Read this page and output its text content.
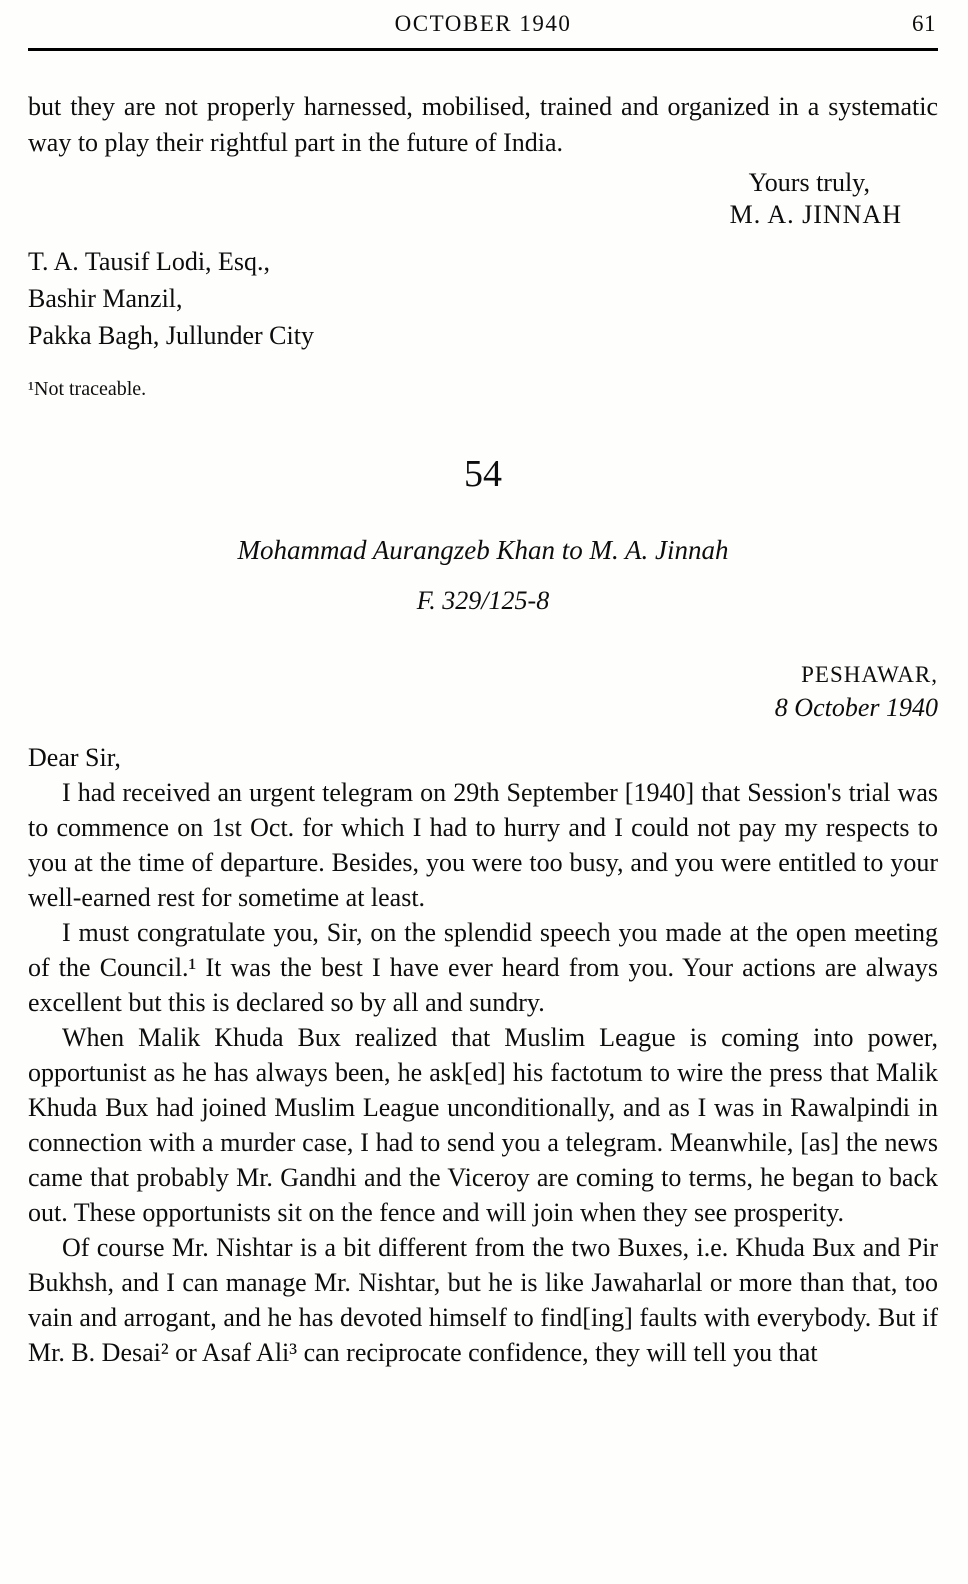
OCTOBER 1940	61

but they are not properly harnessed, mobilised, trained and organized in a systematic way to play their rightful part in the future of India.

Yours truly,

M. A. JINNAH

T. A. Tausif Lodi, Esq.,

Bashir Manzil,

Pakka Bagh, Jullunder City

¹Not traceable.

54

Mohammad Aurangzeb Khan to M. A. Jinnah

F. 329/125-8

PESHAWAR,

8 October 1940

Dear Sir,

I had received an urgent telegram on 29th September [1940] that Session's trial was to commence on 1st Oct. for which I had to hurry and I could not pay my respects to you at the time of departure. Besides, you were too busy, and you were entitled to your well-earned rest for sometime at least.

I must congratulate you, Sir, on the splendid speech you made at the open meeting of the Council.¹ It was the best I have ever heard from you. Your actions are always excellent but this is declared so by all and sundry.

When Malik Khuda Bux realized that Muslim League is coming into power, opportunist as he has always been, he ask[ed] his factotum to wire the press that Malik Khuda Bux had joined Muslim League unconditionally, and as I was in Rawalpindi in connection with a murder case, I had to send you a telegram. Meanwhile, [as] the news came that probably Mr. Gandhi and the Viceroy are coming to terms, he began to back out. These opportunists sit on the fence and will join when they see prosperity.

Of course Mr. Nishtar is a bit different from the two Buxes, i.e. Khuda Bux and Pir Bukhsh, and I can manage Mr. Nishtar, but he is like Jawaharlal or more than that, too vain and arrogant, and he has devoted himself to find[ing] faults with everybody. But if Mr. B. Desai² or Asaf Ali³ can reciprocate confidence, they will tell you that
